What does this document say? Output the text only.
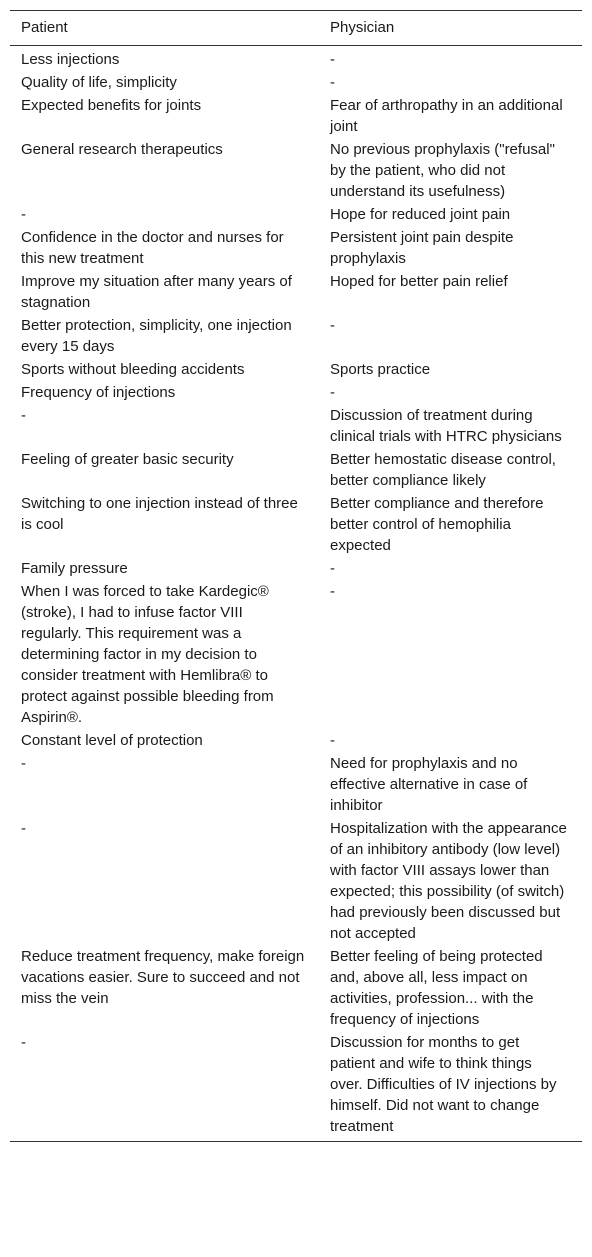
Patient	Physician
Less injections	-
Quality of life, simplicity	-
Expected benefits for joints	Fear of arthropathy in an additional joint
General research therapeutics	No previous prophylaxis ("refusal" by the patient, who did not understand its usefulness)
-	Hope for reduced joint pain
Confidence in the doctor and nurses for this new treatment	Persistent joint pain despite prophylaxis
Improve my situation after many years of stagnation	Hoped for better pain relief
Better protection, simplicity, one injection every 15 days	-
Sports without bleeding accidents	Sports practice
Frequency of injections	-
-	Discussion of treatment during clinical trials with HTRC physicians
Feeling of greater basic security	Better hemostatic disease control, better compliance likely
Switching to one injection instead of three is cool	Better compliance and therefore better control of hemophilia expected
Family pressure	-
When I was forced to take Kardegic® (stroke), I had to infuse factor VIII regularly. This requirement was a determining factor in my decision to consider treatment with Hemlibra® to protect against possible bleeding from Aspirin®.	-
Constant level of protection	-
-	Need for prophylaxis and no effective alternative in case of inhibitor
-	Hospitalization with the appearance of an inhibitory antibody (low level) with factor VIII assays lower than expected; this possibility (of switch) had previously been discussed but not accepted
Reduce treatment frequency, make foreign vacations easier. Sure to succeed and not miss the vein	Better feeling of being protected and, above all, less impact on activities, profession... with the frequency of injections
-	Discussion for months to get patient and wife to think things over. Difficulties of IV injections by himself. Did not want to change treatment
